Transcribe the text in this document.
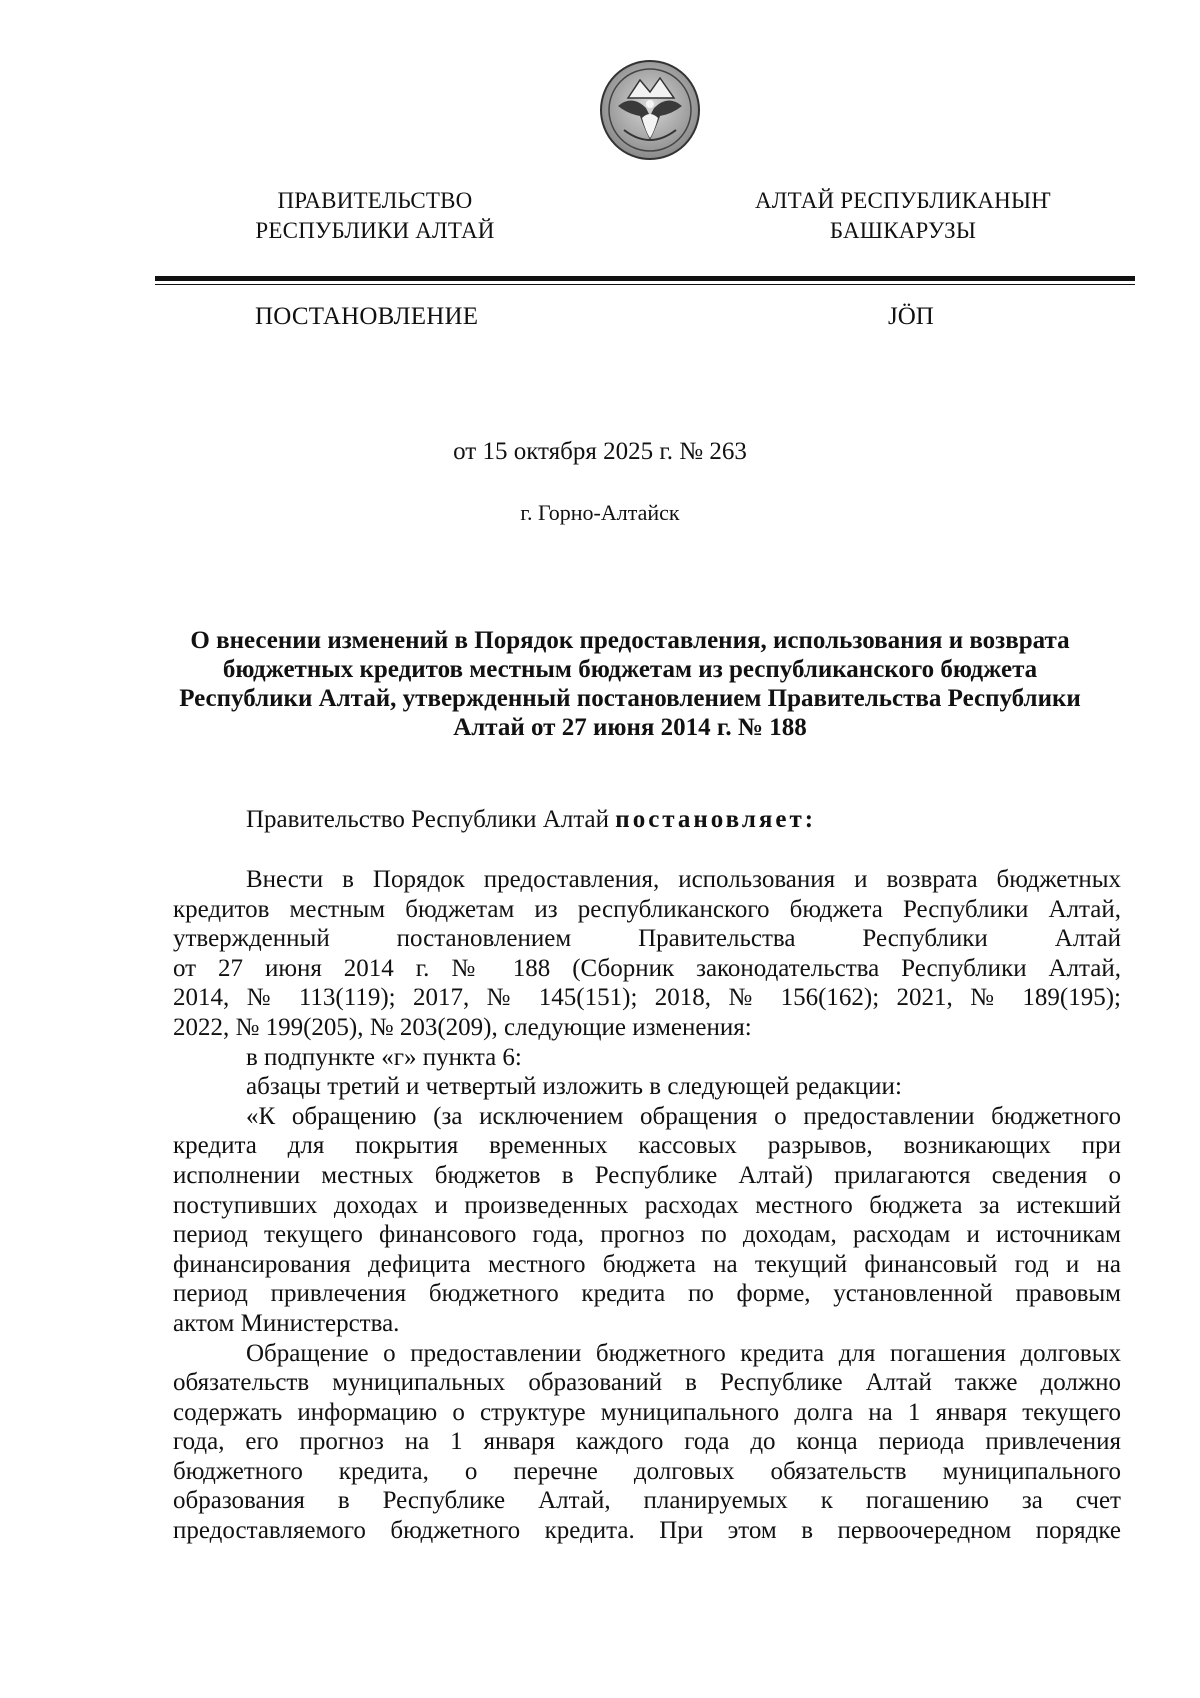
ПРАВИТЕЛЬСТВО
РЕСПУБЛИКИ АЛТАЙ
АЛТАЙ РЕСПУБЛИКАНЫҤ
БАШКАРУЗЫ
ПОСТАНОВЛЕНИЕ	ЈӦП
от 15 октября 2025 г. № 263
г. Горно-Алтайск
О внесении изменений в Порядок предоставления, использования и возврата
бюджетных кредитов местным бюджетам из республиканского бюджета
Республики Алтай, утвержденный постановлением Правительства Республики
Алтай от 27 июня 2014 г. № 188
Правительство Республики Алтай постановляет:

Внести в Порядок предоставления, использования и возврата бюджетных

кредитов местным бюджетам из республиканского бюджета Республики Алтай,

утвержденный постановлением Правительства Республики Алтай

от 27 июня 2014 г. № 188 (Сборник законодательства Республики Алтай,

2014, № 113(119); 2017, № 145(151); 2018, № 156(162); 2021, № 189(195);

2022, № 199(205), № 203(209), следующие изменения:

в подпункте «г» пункта 6:

абзацы третий и четвертый изложить в следующей редакции:

«К обращению (за исключением обращения о предоставлении бюджетного

кредита для покрытия временных кассовых разрывов, возникающих при

исполнении местных бюджетов в Республике Алтай) прилагаются сведения о

поступивших доходах и произведенных расходах местного бюджета за истекший

период текущего финансового года, прогноз по доходам, расходам и источникам

финансирования дефицита местного бюджета на текущий финансовый год и на

период привлечения бюджетного кредита по форме, установленной правовым

актом Министерства.

Обращение о предоставлении бюджетного кредита для погашения долговых

обязательств муниципальных образований в Республике Алтай также должно

содержать информацию о структуре муниципального долга на 1 января текущего

года, его прогноз на 1 января каждого года до конца периода привлечения

бюджетного кредита, о перечне долговых обязательств муниципального

образования в Республике Алтай, планируемых к погашению за счет

предоставляемого бюджетного кредита. При этом в первоочередном порядке
